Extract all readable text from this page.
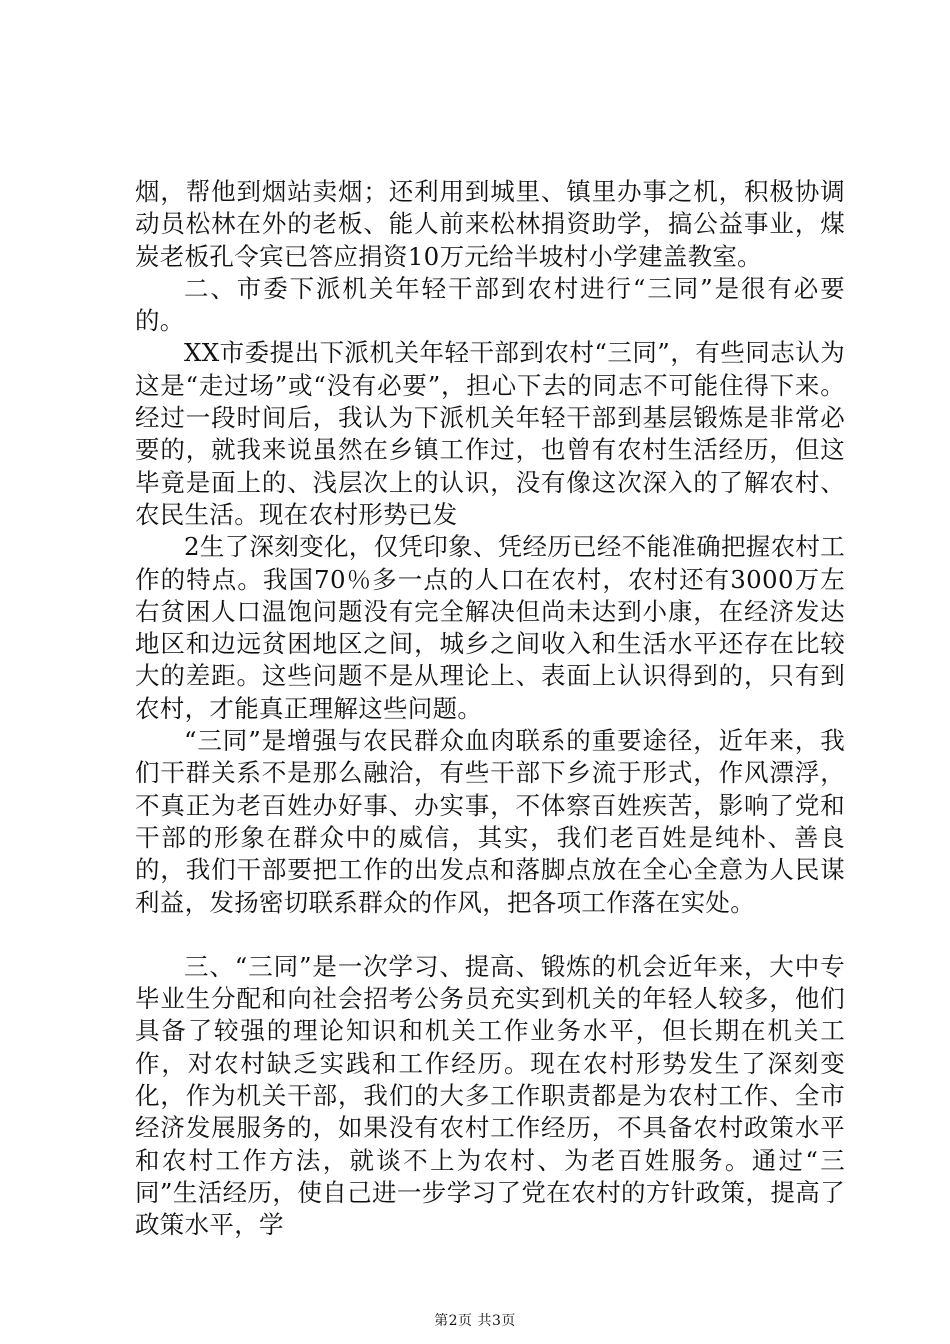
烟，帮他到烟站卖烟；还利用到城里、镇里办事之机，积极协调动员松林在外的老板、能人前来松林捐资助学，搞公益事业，煤炭老板孔令宾已答应捐资10万元给半坡村小学建盖教室。

二、市委下派机关年轻干部到农村进行“三同”是很有必要的。

XX市委提出下派机关年轻干部到农村“三同”，有些同志认为这是“走过场”或“没有必要”，担心下去的同志不可能住得下来。经过一段时间后，我认为下派机关年轻干部到基层锻炼是非常必要的，就我来说虽然在乡镇工作过，也曾有农村生活经历，但这毕竟是面上的、浅层次上的认识，没有像这次深入的了解农村、农民生活。现在农村形势已发

2生了深刻变化，仅凭印象、凭经历已经不能准确把握农村工作的特点。我国70％多一点的人口在农村，农村还有3000万左右贫困人口温饱问题没有完全解决但尚未达到小康，在经济发达地区和边远贫困地区之间，城乡之间收入和生活水平还存在比较大的差距。这些问题不是从理论上、表面上认识得到的，只有到农村，才能真正理解这些问题。

“三同”是增强与农民群众血肉联系的重要途径，近年来，我们干群关系不是那么融洽，有些干部下乡流于形式，作风漂浮，不真正为老百姓办好事、办实事，不体察百姓疾苦，影响了党和干部的形象在群众中的威信，其实，我们老百姓是纯朴、善良的，我们干部要把工作的出发点和落脚点放在全心全意为人民谋利益，发扬密切联系群众的作风，把各项工作落在实处。

三、“三同”是一次学习、提高、锻炼的机会近年来，大中专毕业生分配和向社会招考公务员充实到机关的年轻人较多，他们具备了较强的理论知识和机关工作业务水平，但长期在机关工作，对农村缺乏实践和工作经历。现在农村形势发生了深刻变化，作为机关干部，我们的大多工作职责都是为农村工作、全市经济发展服务的，如果没有农村工作经历，不具备农村政策水平和农村工作方法，就谈不上为农村、为老百姓服务。通过“三同”生活经历，使自己进一步学习了党在农村的方针政策，提高了政策水平，学

第2页 共3页
